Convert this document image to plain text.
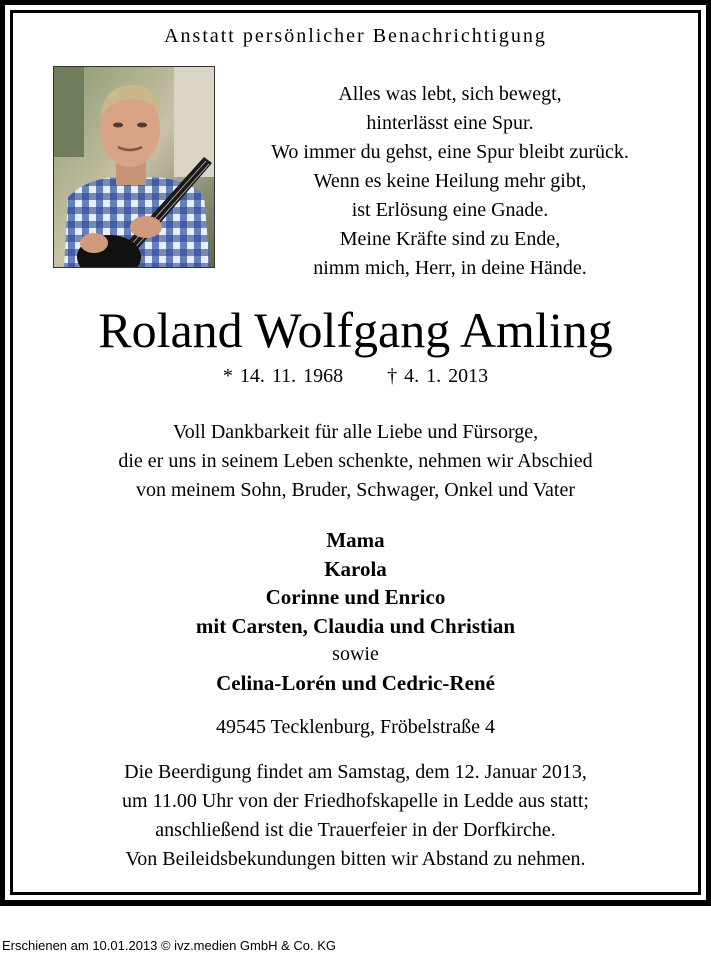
Anstatt persönlicher Benachrichtigung
Alles was lebt, sich bewegt,
hinterlässt eine Spur.
Wo immer du gehst, eine Spur bleibt zurück.
Wenn es keine Heilung mehr gibt,
ist Erlösung eine Gnade.
Meine Kräfte sind zu Ende,
nimm mich, Herr, in deine Hände.
Roland Wolfgang Amling
* 14. 11. 1968 † 4. 1. 2013
Voll Dankbarkeit für alle Liebe und Fürsorge,
die er uns in seinem Leben schenkte, nehmen wir Abschied
von meinem Sohn, Bruder, Schwager, Onkel und Vater
Mama
Karola
Corinne und Enrico
mit Carsten, Claudia und Christian
sowie
Celina-Lorén und Cedric-René
49545 Tecklenburg, Fröbelstraße 4
Die Beerdigung findet am Samstag, dem 12. Januar 2013,
um 11.00 Uhr von der Friedhofskapelle in Ledde aus statt;
anschließend ist die Trauerfeier in der Dorfkirche.
Von Beileidsbekundungen bitten wir Abstand zu nehmen.
Erschienen am 10.01.2013 © ivz.medien GmbH & Co. KG
